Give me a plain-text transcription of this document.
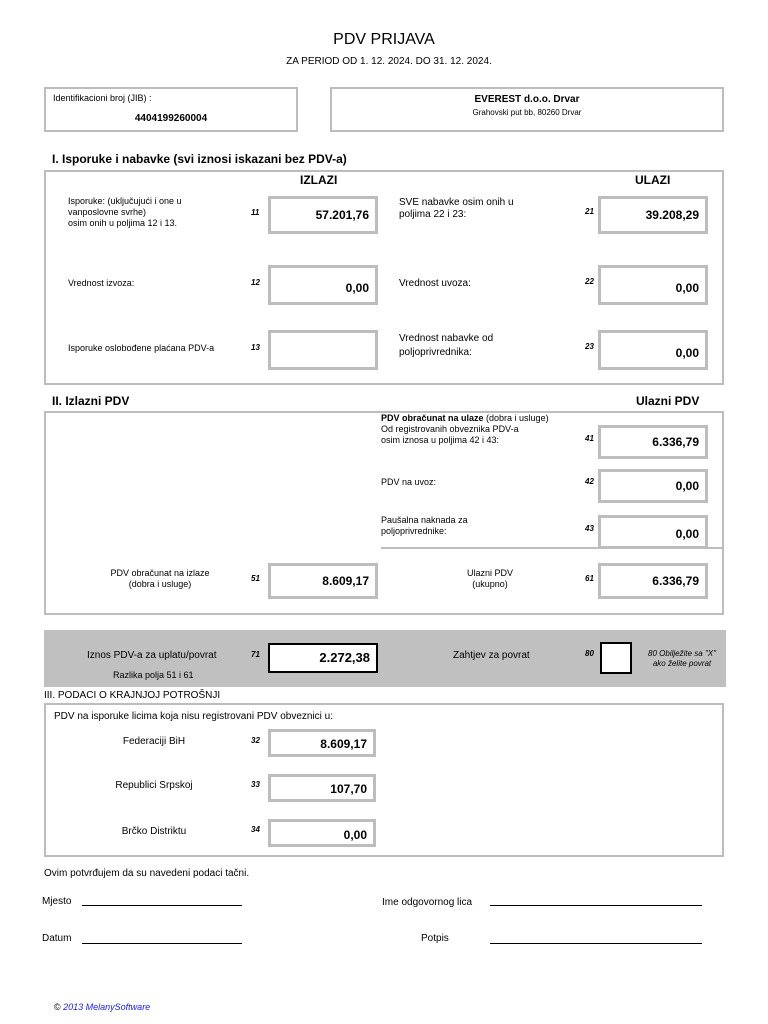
PDV PRIJAVA
ZA PERIOD OD 1. 12. 2024. DO 31. 12. 2024.
Identifikacioni broj (JIB) :
4404199260004
EVEREST d.o.o. Drvar
Grahovski put bb, 80260 Drvar
I. Isporuke i nabavke (svi iznosi iskazani bez PDV-a)
IZLAZI	ULAZI
Isporuke: (uključujući i one u
vanposlovne svrhe)
osim onih u poljima 12 i 13.
11	57.201,76
SVE nabavke osim onih u
poljima 22 i 23:	21	39.208,29
Vrednost izvoza:	12	0,00	Vrednost uvoza:	22	0,00
Isporuke oslobođene plaćana PDV-a	13
Vrednost nabavke od
poljoprivrednika:
23	0,00
II. Izlazni PDV	Ulazni PDV
PDV obračunat na ulaze (dobra i usluge)
Od registrovanih obveznika PDV-a
osim iznosa u poljima 42 i 43:	41	6.336,79
PDV na uvoz:	42	0,00
Paušalna naknada za
poljoprivrednike:	43	0,00
PDV obračunat na izlaze
(dobra i usluge)
51	8.609,17
Ulazni PDV
(ukupno)
61	6.336,79
Iznos PDV-a za uplatu/povrat
Razlika polja 51 i 61
71	2.272,38	Zahtjev za povrat	80	80 Obilježite sa "X"
ako želite povrat
III. PODACI O KRAJNJOJ POTROŠNJI
PDV na isporuke licima koja nisu registrovani PDV obveznici u:
Federaciji BiH	32	8.609,17
Republici Srpskoj	33	107,70
Brčko Distriktu	34	0,00
Ovim potvrđujem da su navedeni podaci tačni.
Mjesto	Ime odgovornog lica
Datum	Potpis
© 2013 MelanySoftware
